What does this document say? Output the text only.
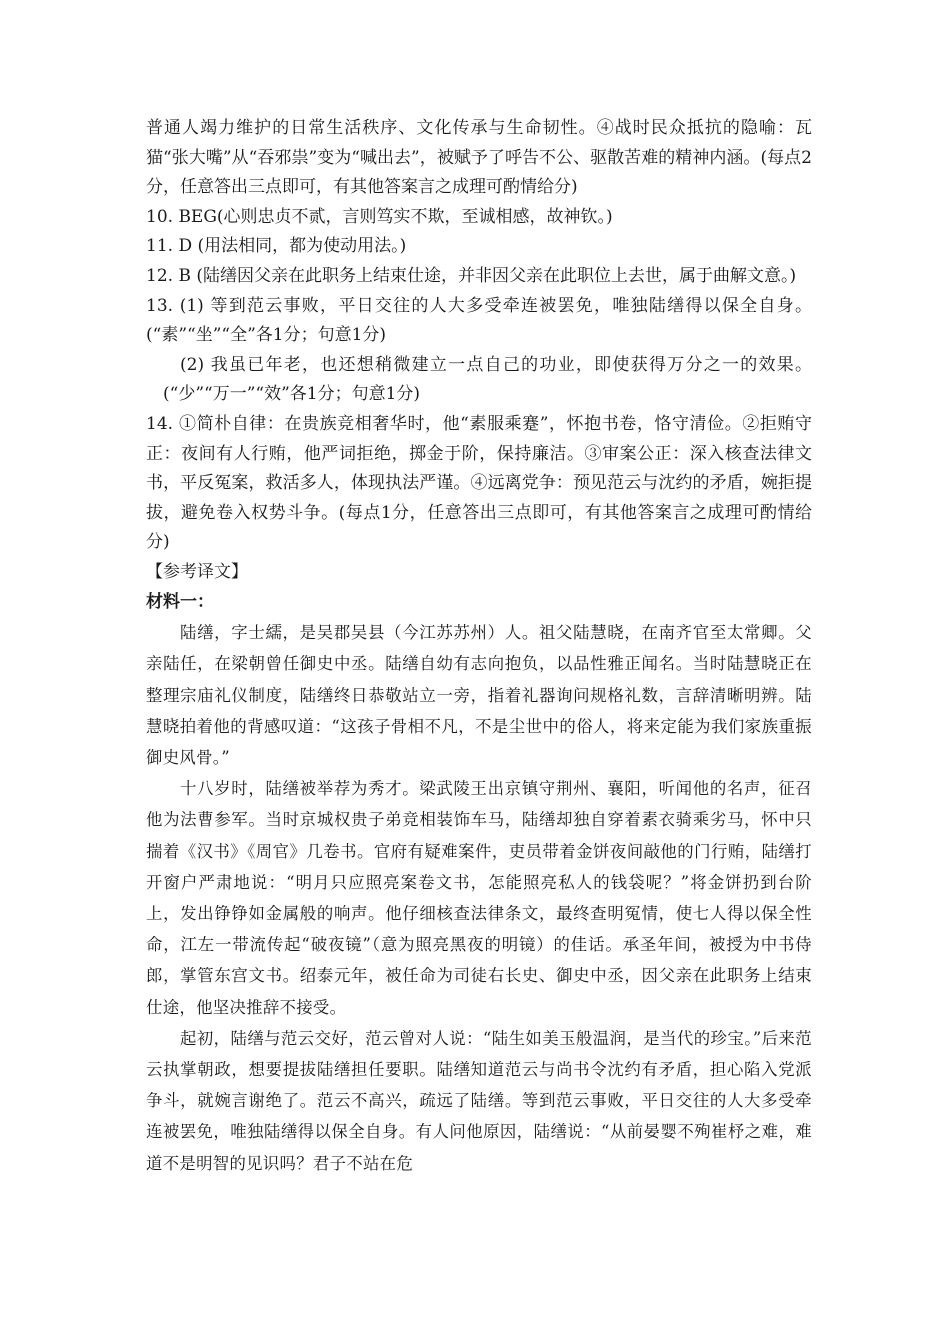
普通人竭力维护的日常生活秩序、文化传承与生命韧性。④战时民众抵抗的隐喻：瓦猫“张大嘴”从“吞邪祟”变为“喊出去”，被赋予了呼告不公、驱散苦难的精神内涵。(每点2分，任意答出三点即可，有其他答案言之成理可酌情给分)

10. BEG(心则忠贞不贰，言则笃实不欺，至诚相感，故神钦。)

11. D (用法相同，都为使动用法。)

12. B (陆缮因父亲在此职务上结束仕途，并非因父亲在此职位上去世，属于曲解文意。)

13. (1) 等到范云事败，平日交往的人大多受牵连被罢免，唯独陆缮得以保全自身。(“素”“坐”“全”各1分；句意1分)

(2) 我虽已年老，也还想稍微建立一点自己的功业，即使获得万分之一的效果。(“少”“万一”“效”各1分；句意1分)

14. ①简朴自律：在贵族竞相奢华时，他“素服乘蹇”，怀抱书卷，恪守清俭。②拒贿守正：夜间有人行贿，他严词拒绝，掷金于阶，保持廉洁。③审案公正：深入核查法律文书，平反冤案，救活多人，体现执法严谨。④远离党争：预见范云与沈约的矛盾，婉拒提拔，避免卷入权势斗争。(每点1分，任意答出三点即可，有其他答案言之成理可酌情给分)

【参考译文】

材料一：

陆缮，字士繻，是吴郡吴县（今江苏苏州）人。祖父陆慧晓，在南齐官至太常卿。父亲陆任，在梁朝曾任御史中丞。陆缮自幼有志向抱负，以品性雅正闻名。当时陆慧晓正在整理宗庙礼仪制度，陆缮终日恭敬站立一旁，指着礼器询问规格礼数，言辞清晰明辨。陆慧晓拍着他的背感叹道：“这孩子骨相不凡，不是尘世中的俗人，将来定能为我们家族重振御史风骨。”

十八岁时，陆缮被举荐为秀才。梁武陵王出京镇守荆州、襄阳，听闻他的名声，征召他为法曹参军。当时京城权贵子弟竞相装饰车马，陆缮却独自穿着素衣骑乘劣马，怀中只揣着《汉书》《周官》几卷书。官府有疑难案件，吏员带着金饼夜间敲他的门行贿，陆缮打开窗户严肃地说：“明月只应照亮案卷文书，怎能照亮私人的钱袋呢？”将金饼扔到台阶上，发出铮铮如金属般的响声。他仔细核查法律条文，最终查明冤情，使七人得以保全性命，江左一带流传起“破夜镜”（意为照亮黑夜的明镜）的佳话。承圣年间，被授为中书侍郎，掌管东宫文书。绍泰元年，被任命为司徒右长史、御史中丞，因父亲在此职务上结束仕途，他坚决推辞不接受。

起初，陆缮与范云交好，范云曾对人说：“陆生如美玉般温润，是当代的珍宝。”后来范云执掌朝政，想要提拔陆缮担任要职。陆缮知道范云与尚书令沈约有矛盾，担心陷入党派争斗，就婉言谢绝了。范云不高兴，疏远了陆缮。等到范云事败，平日交往的人大多受牵连被罢免，唯独陆缮得以保全自身。有人问他原因，陆缮说：“从前晏婴不殉崔杼之难，难道不是明智的见识吗？君子不站在危
